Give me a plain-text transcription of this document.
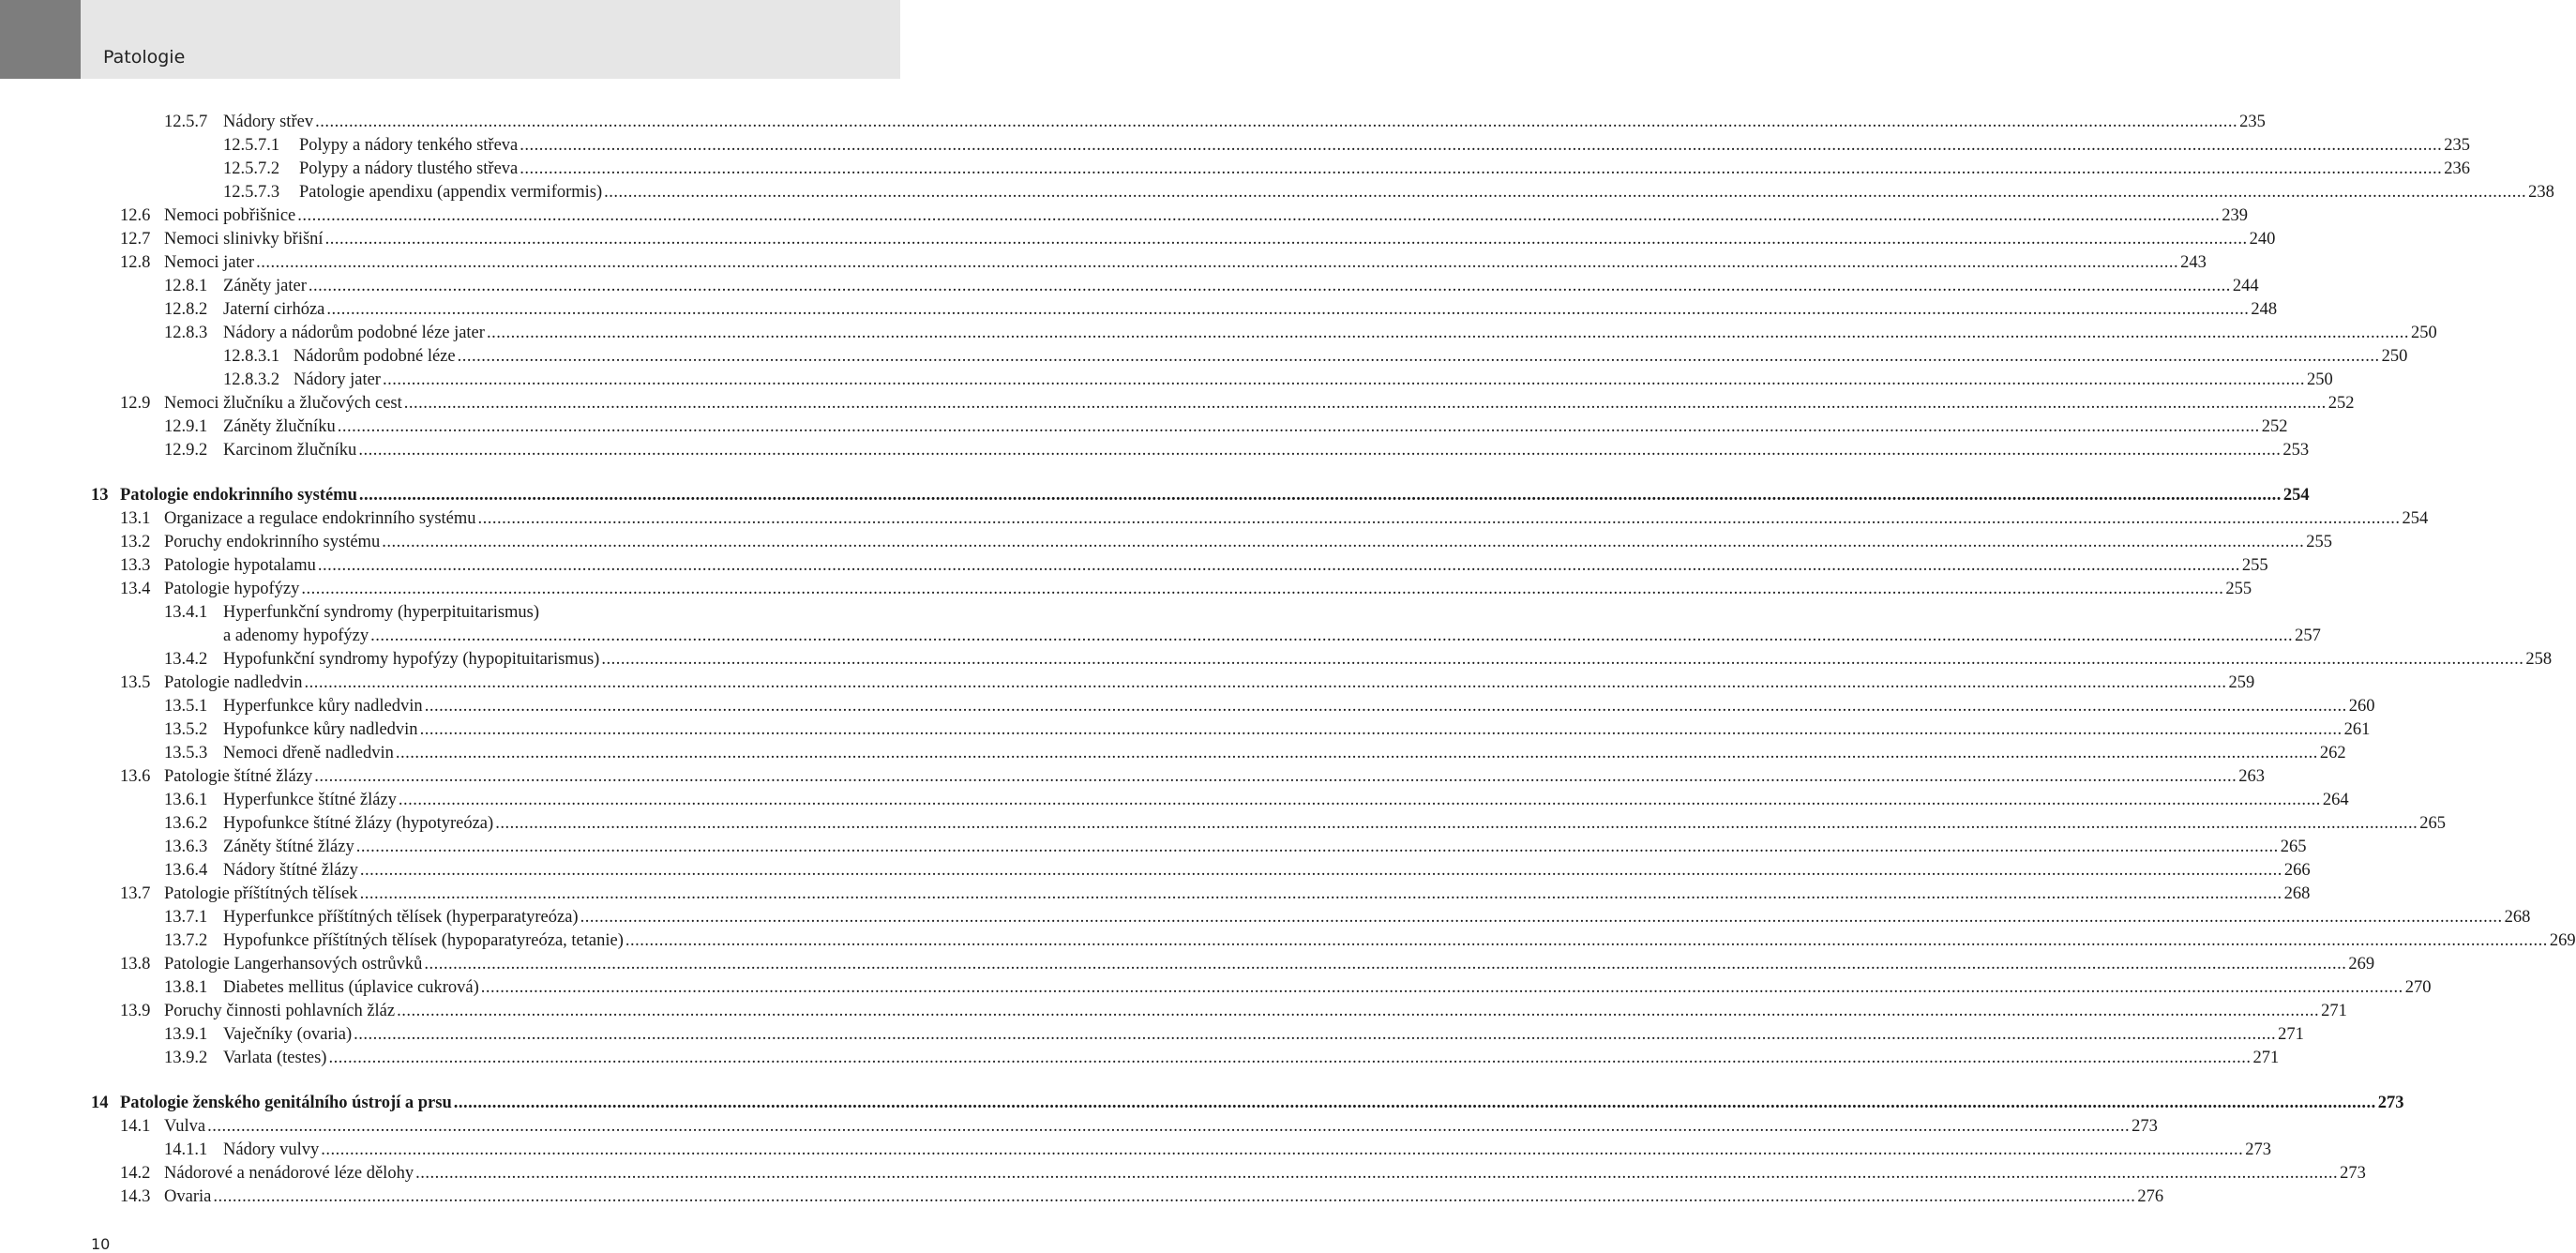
Patologie
12.5.7 Nádory střev ................................................................................................................................................................................................................................................................................................................................................................................................................ 235
12.5.7.1	Polypy a nádory tenkého střeva ................................................................................................................................................................................................................................................................................................................................................................................................................ 235
12.5.7.2	Polypy a nádory tlustého střeva ................................................................................................................................................................................................................................................................................................................................................................................................................ 236
12.5.7.3	Patologie apendixu (appendix vermiformis) ................................................................................................................................................................................................................................................................................................................................................................................................................ 238
12.6 Nemoci pobřišnice ................................................................................................................................................................................................................................................................................................................................................................................................................ 239
12.7 Nemoci slinivky břišní ................................................................................................................................................................................................................................................................................................................................................................................................................ 240
12.8 Nemoci jater ................................................................................................................................................................................................................................................................................................................................................................................................................ 243
12.8.1 Záněty jater ................................................................................................................................................................................................................................................................................................................................................................................................................ 244
12.8.2 Jaterní cirhóza ................................................................................................................................................................................................................................................................................................................................................................................................................ 248
12.8.3 Nádory a nádorům podobné léze jater ................................................................................................................................................................................................................................................................................................................................................................................................................ 250
12.8.3.1 Nádorům podobné léze ................................................................................................................................................................................................................................................................................................................................................................................................................ 250
12.8.3.2 Nádory jater ................................................................................................................................................................................................................................................................................................................................................................................................................ 250
12.9 Nemoci žlučníku a žlučových cest ................................................................................................................................................................................................................................................................................................................................................................................................................ 252
12.9.1 Záněty žlučníku ................................................................................................................................................................................................................................................................................................................................................................................................................ 252
12.9.2 Karcinom žlučníku ................................................................................................................................................................................................................................................................................................................................................................................................................ 253
13 Patologie endokrinního systému ................................................................................................................................................................................................................................................................................................................................................................................................................ 254
13.1 Organizace a regulace endokrinního systému ................................................................................................................................................................................................................................................................................................................................................................................................................ 254
13.2 Poruchy endokrinního systému ................................................................................................................................................................................................................................................................................................................................................................................................................ 255
13.3 Patologie hypotalamu ................................................................................................................................................................................................................................................................................................................................................................................................................ 255
13.4 Patologie hypofýzy ................................................................................................................................................................................................................................................................................................................................................................................................................ 255
13.4.1 Hyperfunkční syndromy (hyperpituitarismus)
a adenomy hypofýzy ................................................................................................................................................................................................................................................................................................................................................................................................................ 257
13.4.2 Hypofunkční syndromy hypofýzy (hypopituitarismus) ................................................................................................................................................................................................................................................................................................................................................................................................................ 258
13.5 Patologie nadledvin ................................................................................................................................................................................................................................................................................................................................................................................................................ 259
13.5.1 Hyperfunkce kůry nadledvin ................................................................................................................................................................................................................................................................................................................................................................................................................ 260
13.5.2 Hypofunkce kůry nadledvin ................................................................................................................................................................................................................................................................................................................................................................................................................ 261
13.5.3 Nemoci dřeně nadledvin ................................................................................................................................................................................................................................................................................................................................................................................................................ 262
13.6 Patologie štítné žlázy ................................................................................................................................................................................................................................................................................................................................................................................................................ 263
13.6.1 Hyperfunkce štítné žlázy ................................................................................................................................................................................................................................................................................................................................................................................................................ 264
13.6.2 Hypofunkce štítné žlázy (hypotyreóza) ................................................................................................................................................................................................................................................................................................................................................................................................................ 265
13.6.3 Záněty štítné žlázy ................................................................................................................................................................................................................................................................................................................................................................................................................ 265
13.6.4 Nádory štítné žlázy ................................................................................................................................................................................................................................................................................................................................................................................................................ 266
13.7 Patologie příštítných tělísek ................................................................................................................................................................................................................................................................................................................................................................................................................ 268
13.7.1 Hyperfunkce příštítných tělísek (hyperparatyreóza) ................................................................................................................................................................................................................................................................................................................................................................................................................ 268
13.7.2 Hypofunkce příštítných tělísek (hypoparatyreóza, tetanie) ................................................................................................................................................................................................................................................................................................................................................................................................................ 269
13.8 Patologie Langerhansových ostrůvků ................................................................................................................................................................................................................................................................................................................................................................................................................ 269
13.8.1 Diabetes mellitus (úplavice cukrová) ................................................................................................................................................................................................................................................................................................................................................................................................................ 270
13.9 Poruchy činnosti pohlavních žláz ................................................................................................................................................................................................................................................................................................................................................................................................................ 271
13.9.1 Vaječníky (ovaria) ................................................................................................................................................................................................................................................................................................................................................................................................................ 271
13.9.2 Varlata (testes) ................................................................................................................................................................................................................................................................................................................................................................................................................ 271
14 Patologie ženského genitálního ústrojí a prsu ................................................................................................................................................................................................................................................................................................................................................................................................................ 273
14.1 Vulva ................................................................................................................................................................................................................................................................................................................................................................................................................ 273
14.1.1 Nádory vulvy ................................................................................................................................................................................................................................................................................................................................................................................................................ 273
14.2 Nádorové a nenádorové léze dělohy ................................................................................................................................................................................................................................................................................................................................................................................................................ 273
14.3 Ovaria ................................................................................................................................................................................................................................................................................................................................................................................................................ 276
10
